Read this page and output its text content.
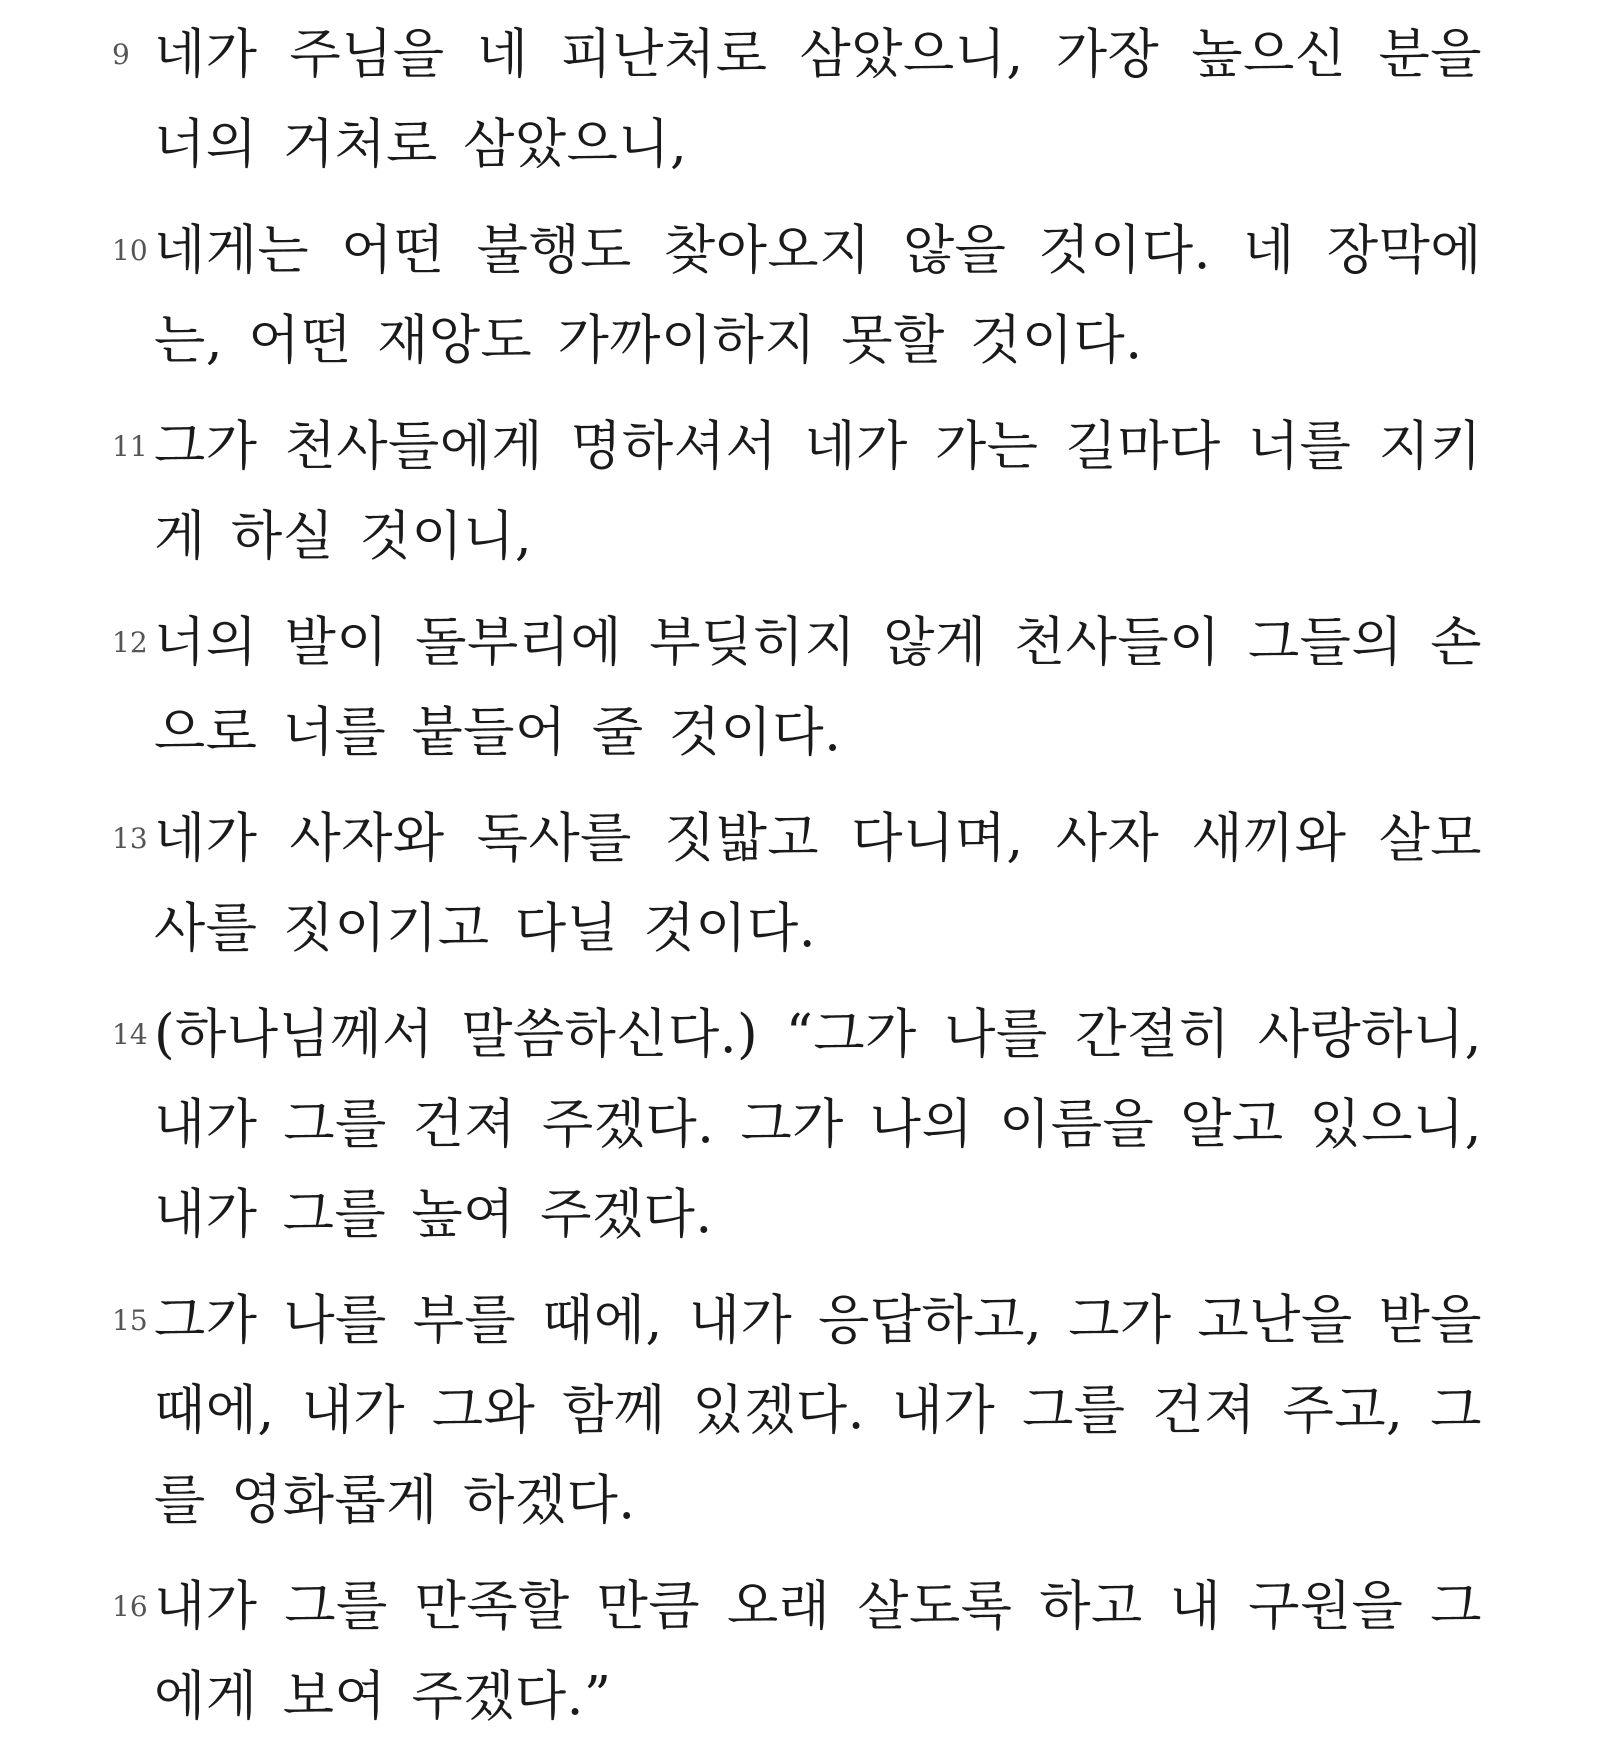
9 네가 주님을 네 피난처로 삼았으니, 가장 높으신 분을 너의 거처로 삼았으니,
10 네게는 어떤 불행도 찾아오지 않을 것이다. 네 장막에는, 어떤 재앙도 가까이하지 못할 것이다.
11 그가 천사들에게 명하셔서 네가 가는 길마다 너를 지키게 하실 것이니,
12 너의 발이 돌부리에 부딪히지 않게 천사들이 그들의 손으로 너를 붙들어 줄 것이다.
13 네가 사자와 독사를 짓밟고 다니며, 사자 새끼와 살모사를 짓이기고 다닐 것이다.
14 (하나님께서 말씀하신다.) “그가 나를 간절히 사랑하니, 내가 그를 건져 주겠다. 그가 나의 이름을 알고 있으니, 내가 그를 높여 주겠다.
15 그가 나를 부를 때에, 내가 응답하고, 그가 고난을 받을 때에, 내가 그와 함께 있겠다. 내가 그를 건져 주고, 그를 영화롭게 하겠다.
16 내가 그를 만족할 만큼 오래 살도록 하고 내 구원을 그에게 보여 주겠다.”
